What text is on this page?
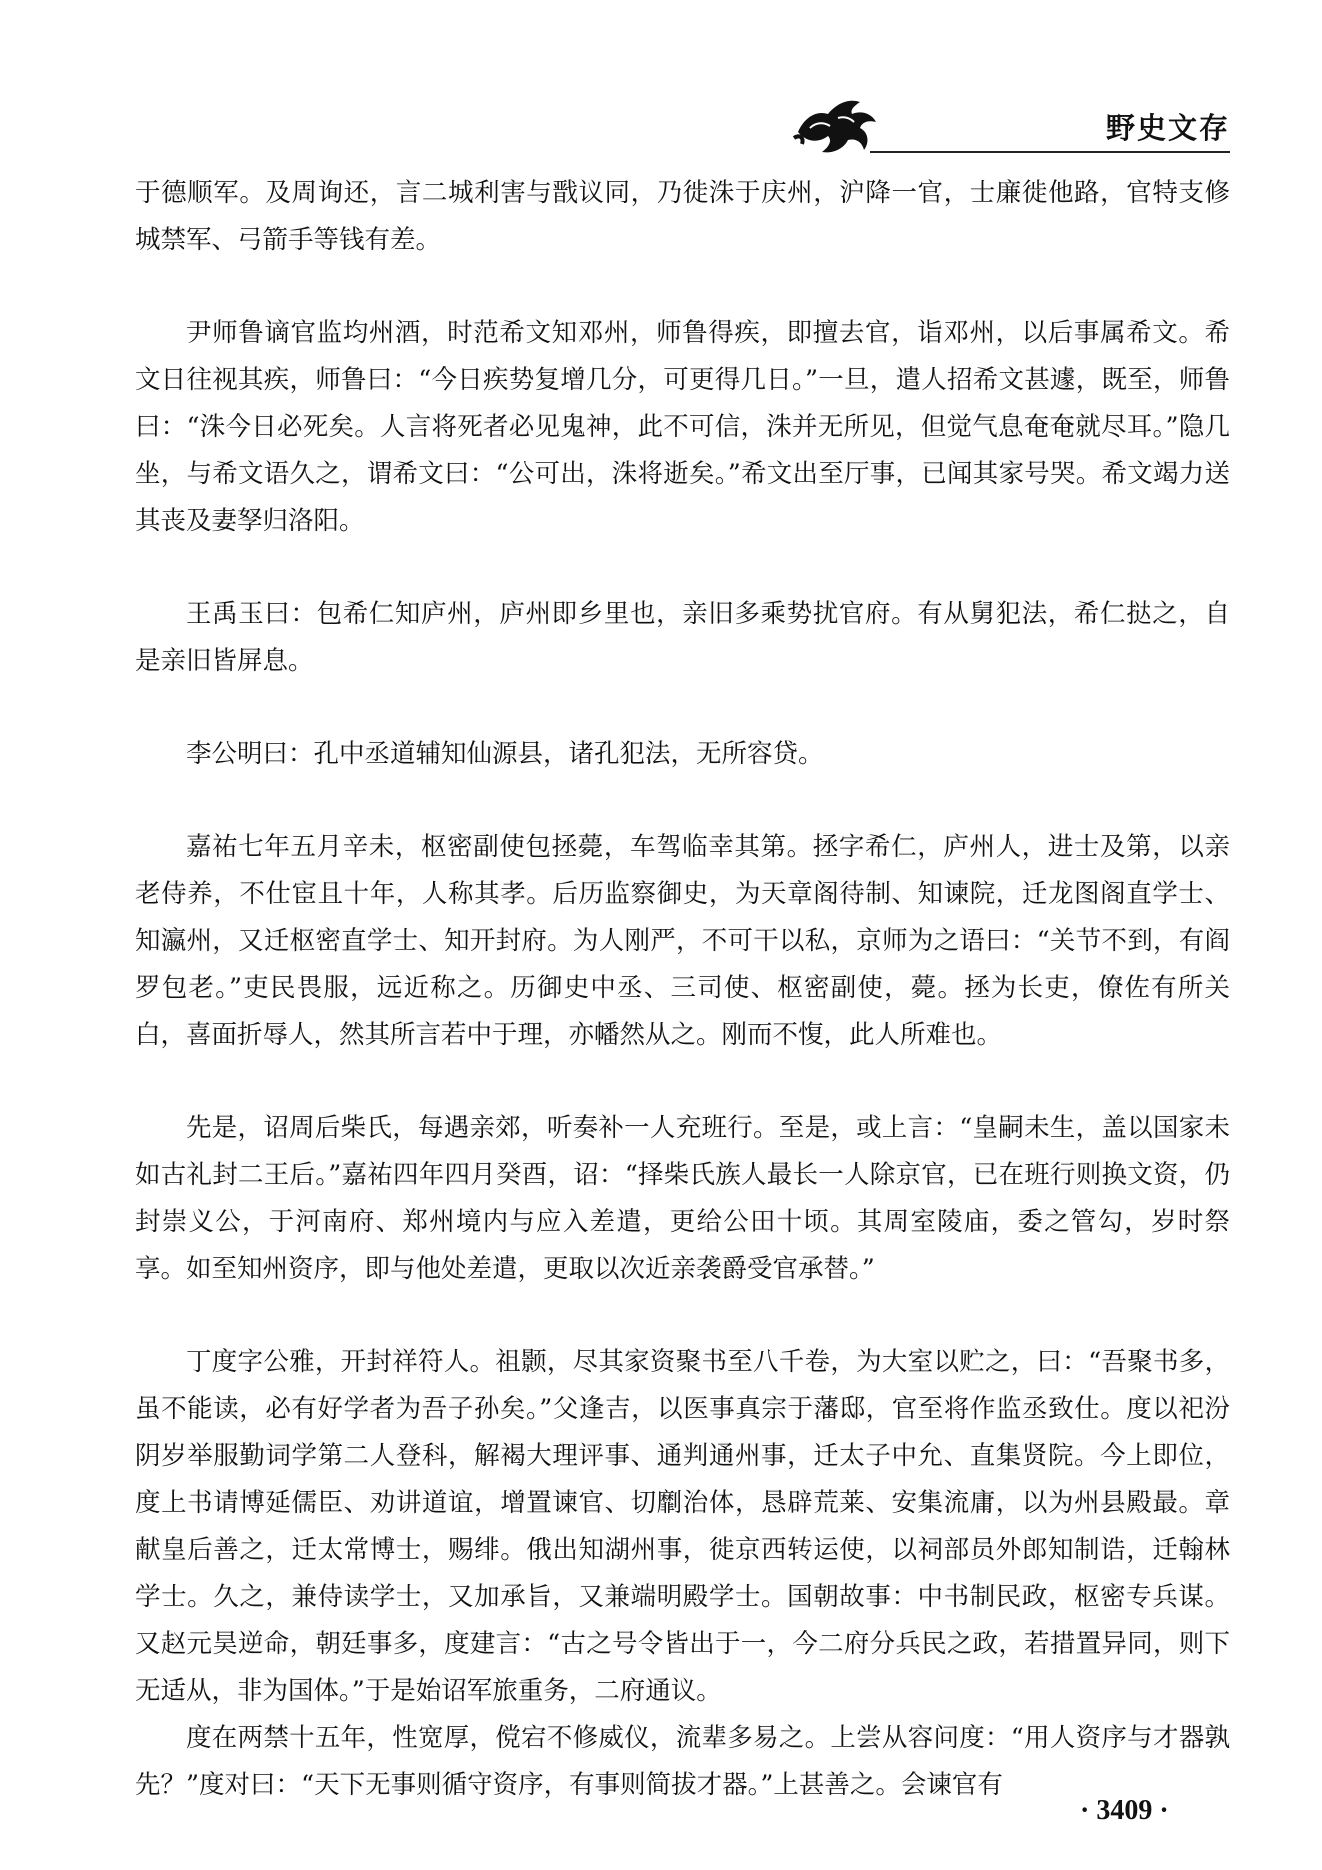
野史文存

于德顺军。及周询还，言二城利害与戬议同，乃徙洙于庆州，沪降一官，士廉徙他路，官特支修城禁军、弓箭手等钱有差。

尹师鲁谪官监均州酒，时范希文知邓州，师鲁得疾，即擅去官，诣邓州，以后事属希文。希文日往视其疾，师鲁曰：“今日疾势复增几分，可更得几日。”一旦，遣人招希文甚遽，既至，师鲁曰：“洙今日必死矣。人言将死者必见鬼神，此不可信，洙并无所见，但觉气息奄奄就尽耳。”隐几坐，与希文语久之，谓希文曰：“公可出，洙将逝矣。”希文出至厅事，已闻其家号哭。希文竭力送其丧及妻孥归洛阳。

王禹玉曰：包希仁知庐州，庐州即乡里也，亲旧多乘势扰官府。有从舅犯法，希仁挞之，自是亲旧皆屏息。

李公明曰：孔中丞道辅知仙源县，诸孔犯法，无所容贷。

嘉祐七年五月辛未，枢密副使包拯薨，车驾临幸其第。拯字希仁，庐州人，进士及第，以亲老侍养，不仕宦且十年，人称其孝。后历监察御史，为天章阁待制、知谏院，迁龙图阁直学士、知瀛州，又迁枢密直学士、知开封府。为人刚严，不可干以私，京师为之语曰：“关节不到，有阎罗包老。”吏民畏服，远近称之。历御史中丞、三司使、枢密副使，薨。拯为长吏，僚佐有所关白，喜面折辱人，然其所言若中于理，亦幡然从之。刚而不愎，此人所难也。

先是，诏周后柴氏，每遇亲郊，听奏补一人充班行。至是，或上言：“皇嗣未生，盖以国家未如古礼封二王后。”嘉祐四年四月癸酉，诏：“择柴氏族人最长一人除京官，已在班行则换文资，仍封崇义公，于河南府、郑州境内与应入差遣，更给公田十顷。其周室陵庙，委之管勾，岁时祭享。如至知州资序，即与他处差遣，更取以次近亲袭爵受官承替。”

丁度字公雅，开封祥符人。祖颢，尽其家资聚书至八千卷，为大室以贮之，曰：“吾聚书多，虽不能读，必有好学者为吾子孙矣。”父逢吉，以医事真宗于藩邸，官至将作监丞致仕。度以祀汾阴岁举服勤词学第二人登科，解褐大理评事、通判通州事，迁太子中允、直集贤院。今上即位，度上书请博延儒臣、劝讲道谊，增置谏官、切劘治体，恳辟荒莱、安集流庸，以为州县殿最。章献皇后善之，迁太常博士，赐绯。俄出知湖州事，徙京西转运使，以祠部员外郎知制诰，迁翰林学士。久之，兼侍读学士，又加承旨，又兼端明殿学士。国朝故事：中书制民政，枢密专兵谋。又赵元昊逆命，朝廷事多，度建言：“古之号令皆出于一，今二府分兵民之政，若措置异同，则下无适从，非为国体。”于是始诏军旅重务，二府通议。

度在两禁十五年，性宽厚，傥宕不修威仪，流辈多易之。上尝从容问度：“用人资序与才器孰先？”度对曰：“天下无事则循守资序，有事则简拔才器。”上甚善之。会谏官有

· 3409 ·
